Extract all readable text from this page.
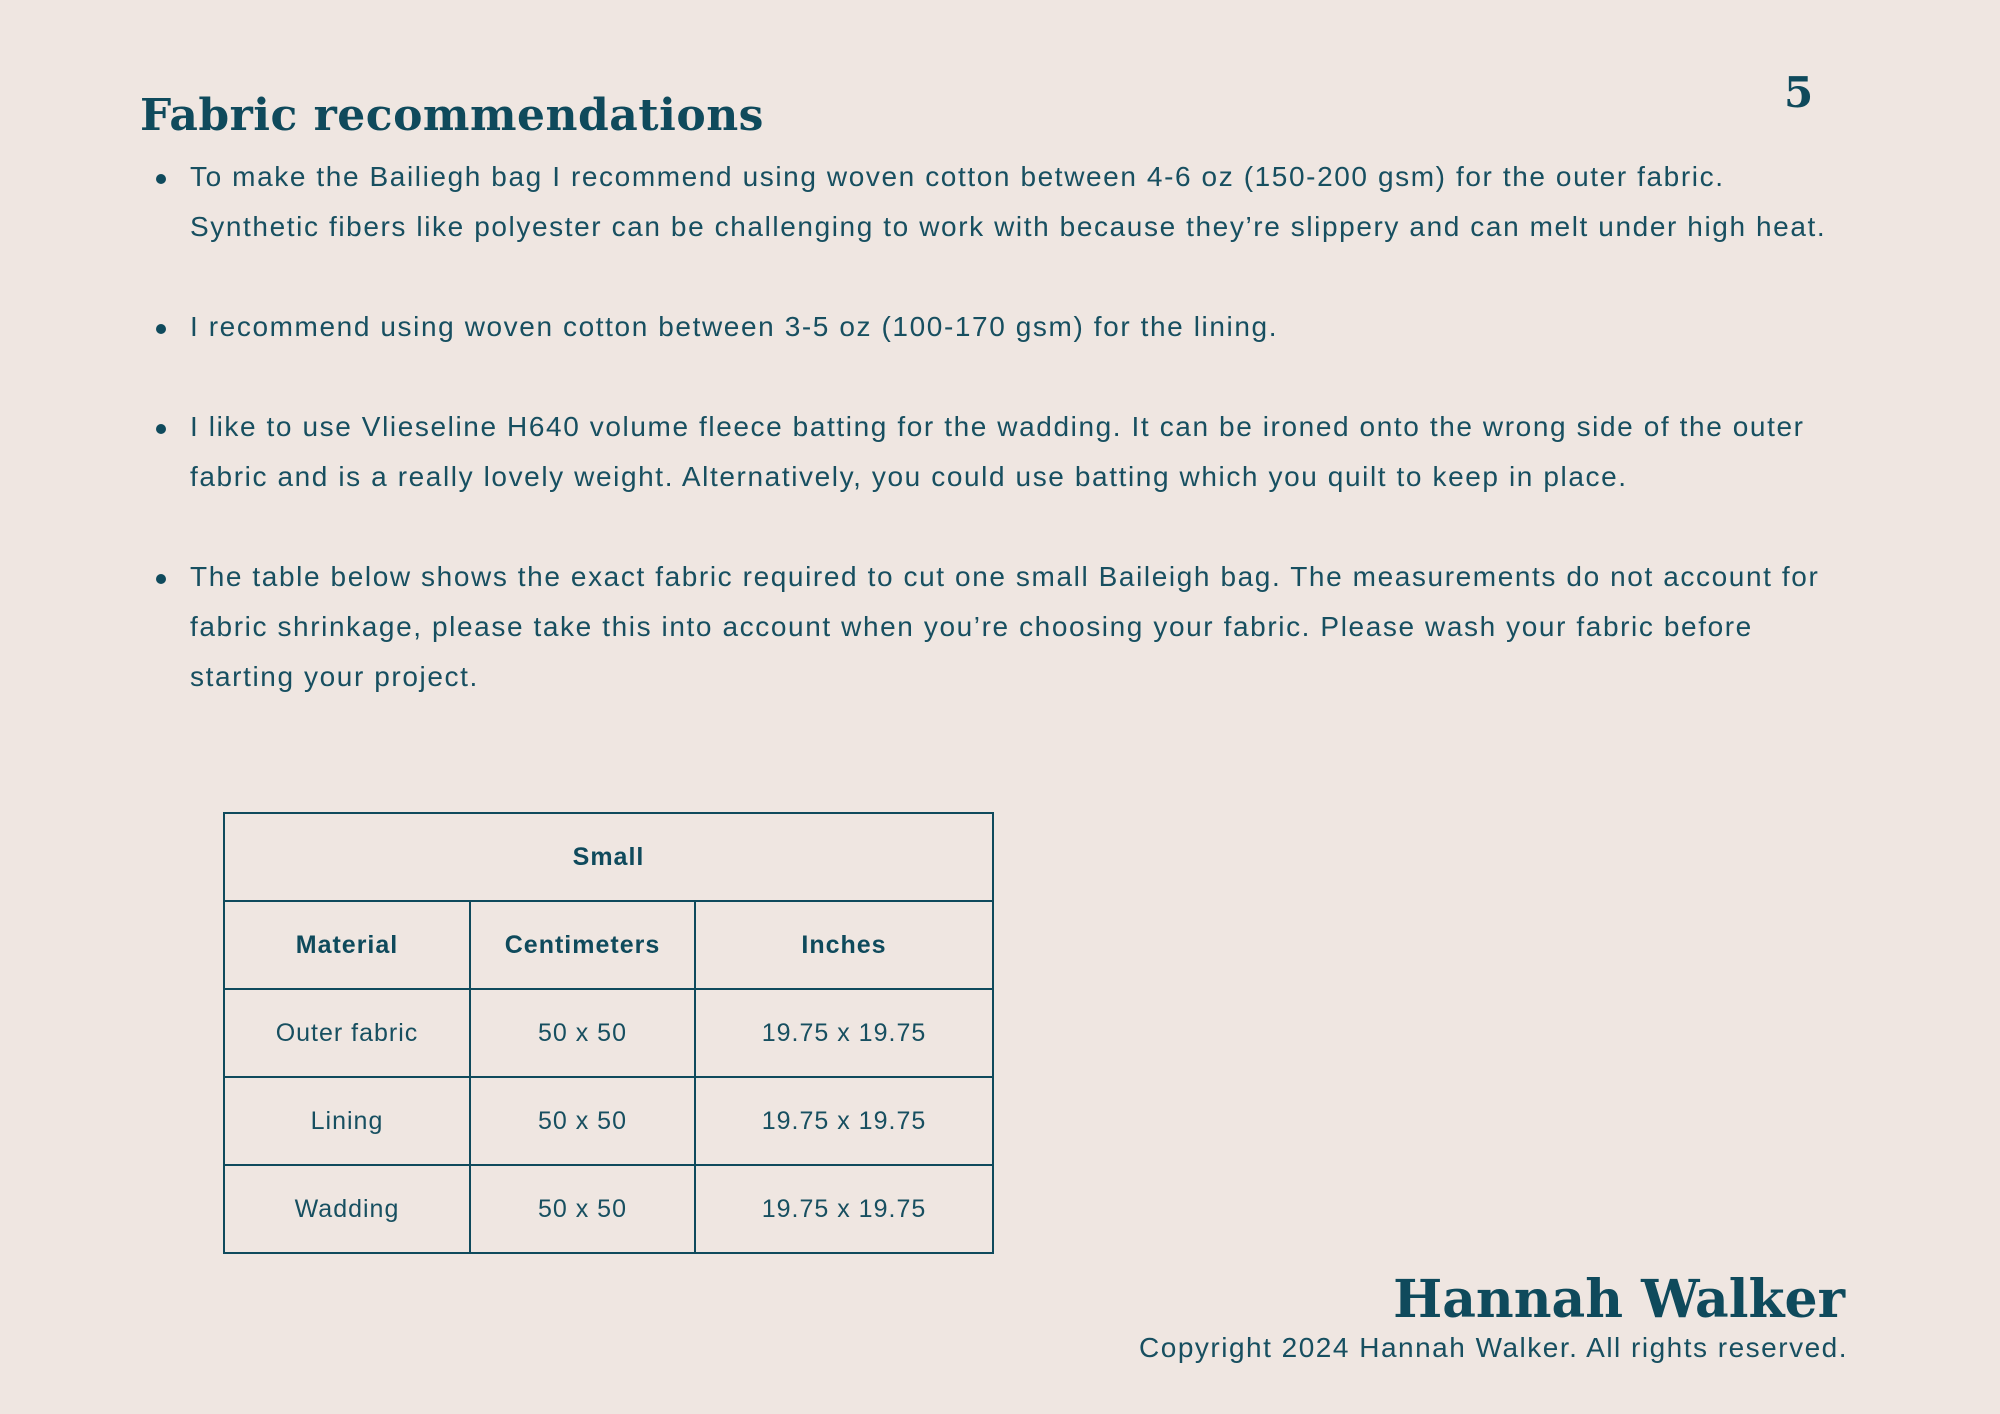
5
Fabric recommendations
To make the Bailiegh bag I recommend using woven cotton between 4-6 oz (150-200 gsm) for the outer fabric. Synthetic fibers like polyester can be challenging to work with because they’re slippery and can melt under high heat.
I recommend using woven cotton between 3-5 oz (100-170 gsm) for the lining.
I like to use Vlieseline H640 volume fleece batting for the wadding. It can be ironed onto the wrong side of the outer fabric and is a really lovely weight. Alternatively, you could use batting which you quilt to keep in place.
The table below shows the exact fabric required to cut one small Baileigh bag. The measurements do not account for fabric shrinkage, please take this into account when you’re choosing your fabric. Please wash your fabric before starting your project.
Small		
Material	Centimeters	Inches
Outer fabric	50 x 50	19.75 x 19.75
Lining	50 x 50	19.75 x 19.75
Wadding	50 x 50	19.75 x 19.75
Hannah Walker
Copyright 2024 Hannah Walker. All rights reserved.
